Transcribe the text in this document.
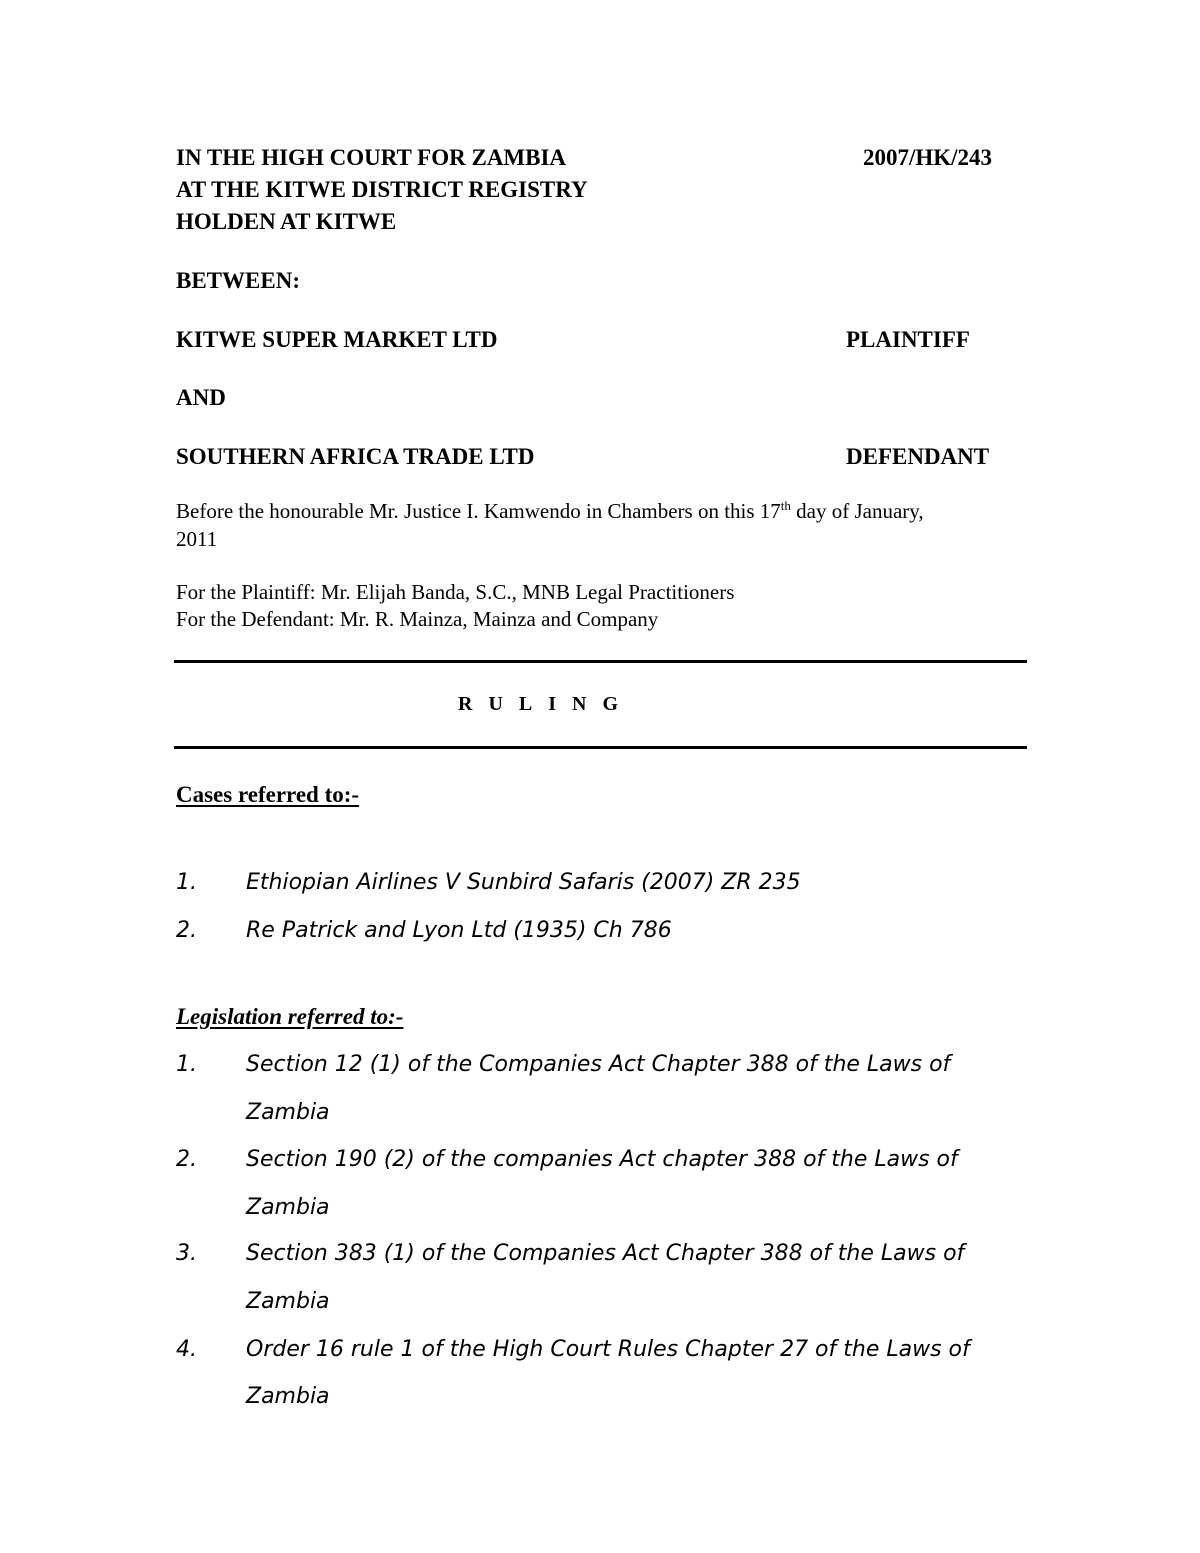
IN THE HIGH COURT FOR ZAMBIA	2007/HK/243
AT THE KITWE DISTRICT REGISTRY
HOLDEN AT KITWE
BETWEEN:
KITWE SUPER MARKET LTD	PLAINTIFF
AND
SOUTHERN AFRICA TRADE LTD	DEFENDANT
Before the honourable Mr. Justice I. Kamwendo in Chambers on this 17th day of January,
2011
For the Plaintiff: Mr. Elijah Banda, S.C., MNB Legal Practitioners
For the Defendant: Mr. R. Mainza, Mainza and Company
RULING
Cases referred to:-
1. Ethiopian Airlines V Sunbird Safaris (2007) ZR 235
2. Re Patrick and Lyon Ltd (1935) Ch 786
Legislation referred to:-
1. Section 12 (1) of the Companies Act Chapter 388 of the Laws of
Zambia
2. Section 190 (2) of the companies Act chapter 388 of the Laws of
Zambia
3. Section 383 (1) of the Companies Act Chapter 388 of the Laws of
Zambia
4. Order 16 rule 1 of the High Court Rules Chapter 27 of the Laws of
Zambia
